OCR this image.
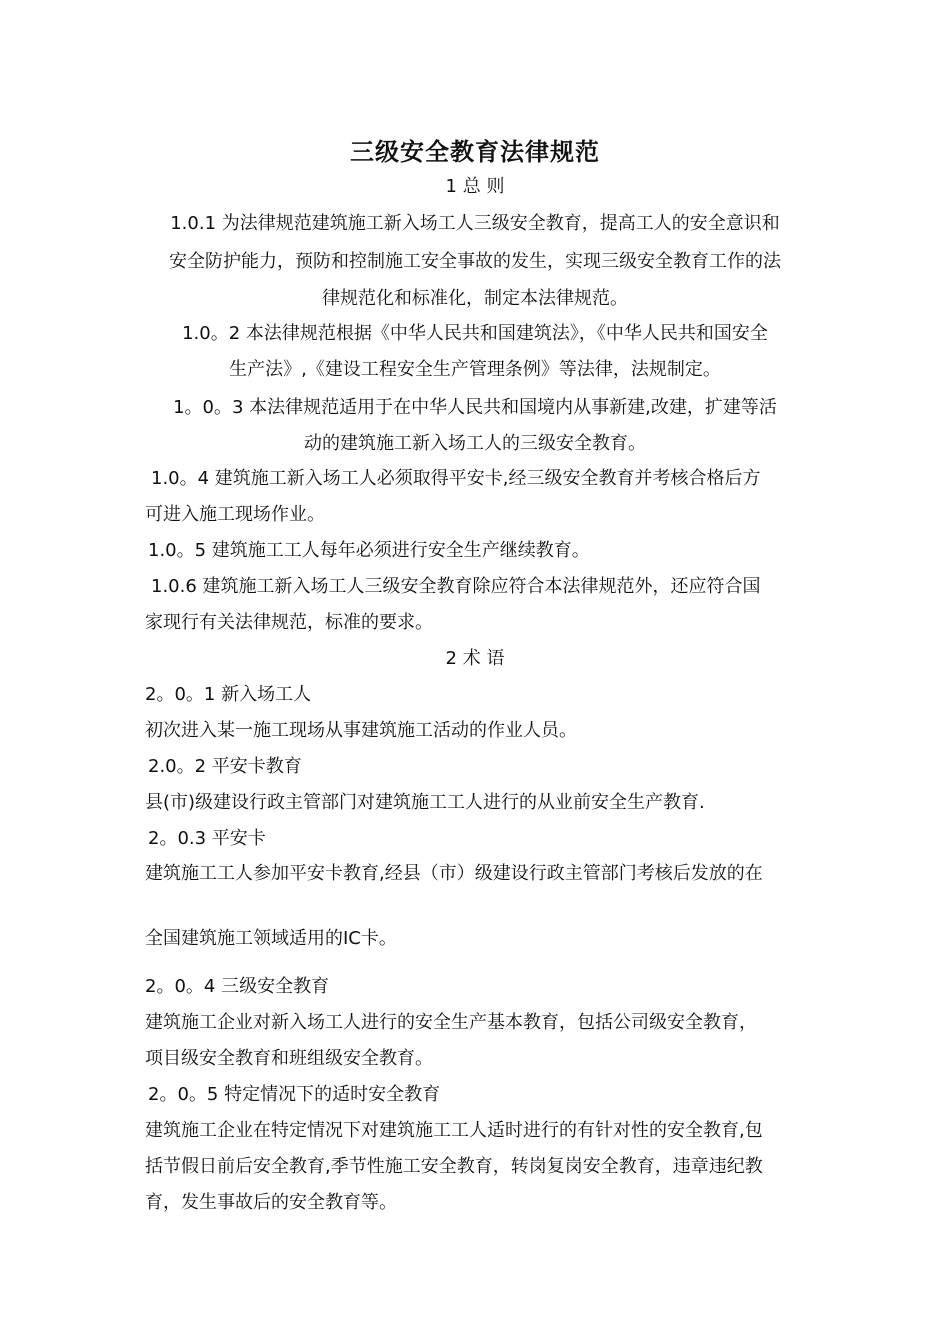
三级安全教育法律规范
1 总 则
1.0.1 为法律规范建筑施工新入场工人三级安全教育，提高工人的安全意识和
安全防护能力，预防和控制施工安全事故的发生，实现三级安全教育工作的法
律规范化和标准化，制定本法律规范。
1.0。2 本法律规范根据《中华人民共和国建筑法》，《中华人民共和国安全
生产法》,《建设工程安全生产管理条例》等法律，法规制定。
1。0。3 本法律规范适用于在中华人民共和国境内从事新建,改建，扩建等活
动的建筑施工新入场工人的三级安全教育。
1.0。4 建筑施工新入场工人必须取得平安卡,经三级安全教育并考核合格后方
可进入施工现场作业。
1.0。5 建筑施工工人每年必须进行安全生产继续教育。
1.0.6 建筑施工新入场工人三级安全教育除应符合本法律规范外，还应符合国
家现行有关法律规范，标准的要求。
2 术 语
2。0。1 新入场工人
初次进入某一施工现场从事建筑施工活动的作业人员。
2.0。2 平安卡教育
县(市)级建设行政主管部门对建筑施工工人进行的从业前安全生产教育.
2。0.3 平安卡
建筑施工工人参加平安卡教育,经县（市）级建设行政主管部门考核后发放的在
全国建筑施工领域适用的IC卡。
2。0。4 三级安全教育
建筑施工企业对新入场工人进行的安全生产基本教育，包括公司级安全教育，
项目级安全教育和班组级安全教育。
2。0。5 特定情况下的适时安全教育
建筑施工企业在特定情况下对建筑施工工人适时进行的有针对性的安全教育,包
括节假日前后安全教育,季节性施工安全教育，转岗复岗安全教育，违章违纪教
育，发生事故后的安全教育等。
